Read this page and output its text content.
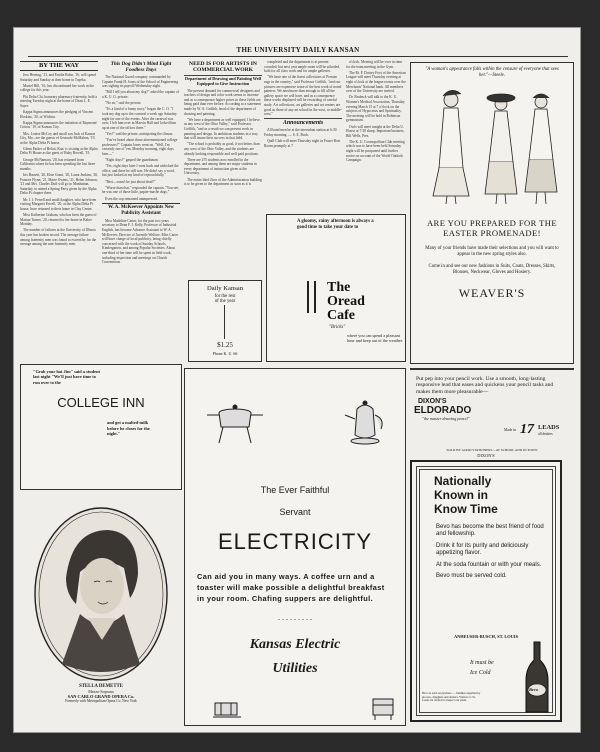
THE UNIVERSITY DAILY KANSAN
BY THE WAY

Jess Herring, '13, and Emilie Rohn, '16, will spend Saturday and Sunday at their home in Topeka.

Muriel Hill, '16, has discontinued her work in the college for this year.

Phi Delta Chi, honorary pharmacy fraternity, held a meeting Tuesday night at the home of Dean L. E. Sayre.

Kappa Sigma announces the pledging of Vincent Hoskins, '20, of Wichita.

Kappa Sigma announces the initiation of Raymond Cotton, '19, of Kansas City.

Mrs. Louise McCoy and small son Jack of Kansas City, Mo., are the guests of Gertrude McMahon, '19, at the Alpha Delta Pi house.

Glenn Parker of Beloit, Kan. is visiting at the Alpha Delta Pi House as the guest of Ruby Rowell, '19.

George McNamara, '20, has returned from California where he has been spending the last three months.

Iris Bassett, '20, Elsie Grant, '20, Laura Jenkins, '20, Frances Flynn, '21, Marie Owens, '21, Helen Johnson, '21 and Mrs. Charles Duff will go to Manhattan, Saturday, to attend a Spring Party given by the Alpha Delta Pi chapter there.

Mr. I. J. Ferrell and small daughter, who have been visiting Margaret Ferrell, '20, at the Alpha Delta Pi house, have returned to their home in Clay Center.

Miss Katherine Graham, who has been the guest of Marian Turner, '20, returned to her home in Baker Monday.

The number of failures at the University of Illinois this year has broken record. The average failure among fraternity men was found to exceed by far the average among the non-fraternity men.

This Dog Didn't Mind Eight Foodless Days

The National Guard company commanded by Captain Frank H. Jones of the School of Engineering was sighing its payroll Wednesday night.

"Bill I tell you about my dog?" asked the captain of a K. U. G. private.

"No sir," said the private.

"It's a kind of a funny story," began the C. O. "I took my dog up to the carnival a week ago Saturday night for one of the events. After the carnival was over, I left him over in Marvin Hall and locked him up in one of the offices there."

"Yes?" said the private, anticipating the climax.

"You've heard about those aforementioned college professors?" Captain Jones went on. "Well, I'm certainly one of 'em. Monday morning, eight days later—"

"Eight days?" gasped the guardsman.

"Yes, eight days later I went back and unlocked the office, and there he still was. He didn't say a word, but just looked at my kind of reproachfully."

"Best—wasn't he just about dead?"

"Worse than that," responded the captain. "You see, he was one of those little, papier-mache dogs."

Even the cop remained unimpressed.

W. A. McKeever Appoints New Publicity Assistant

Miss Madeline Carter, for the past two years secretary to Dean F. J. Kelly, Professor of Industrial English, has become Advance Assistant to W. A. McKeever, Director of Juvenile Welfare. Miss Carter will have charge of local publicity, being chiefly concerned with the work of Sunday Schools, Kindergarten, and among Popular Societies. About one-third of her time will be spent in field work, including inspection and meetings on Church Conventions.

NEED IS FOR ARTISTS IN COMMERCIAL WORK
Department of Drawing and Painting Well Equipped to Give Instruction

The present demand for commercial designers and teachers of design and color work seems to increase and as a consequence higher prices in these fields are being paid than ever before. According to a statement made by W. A. Griffith, head of the department of drawing and painting.

"We have a department as well equipped, I believe, as any west of the Ohio Valley," said Professor Griffith, "and as a result we can present work in painting and design. In ambitious students in a way that will insure their success in that field.

"The school is probably as good, if not better, than any west of the Ohio Valley, and the students are already looking responsible and well paid positions.

There are 275 students now enrolled in the department, and among them are major students in every department of instruction given at the University.

The entire third floor of the Administration building is to be given to the department as soon as it is

completed and the department is at present crowded; but next year ample room will be afforded, both for all class work and for ample galleries.

"We have one of the finest collections of Persian rugs in the country," said Professor Griffith, "and our pictures are expensive some of the best work of noted painters. We need more than enough to fill all the gallery space we will have, and as a consequence these works displayed will be rewarding of careful study. Art collections, art galleries and art centers are good as those of any art school in the west, or middle-west."

Announcements

All band men be at the interurban station at 6:30 Friday morning. — S. E. Buck.

Quill Club will meet Thursday night in Fraser Rest Room promptly at 7

o'clock. Meeting will be over in time for the team meeting in the Gym.

The Rt. F. Dotsey Foot of the American League will meet Thursday evening at eight o'clock at the league rooms over the Merchants' National bank. All members over of the University are invited.

Dr. Brubeck will talk to the K. U. Women's Medical Association, Thursday evening March 15 at 7 o'clock on the subjects of Hypocrisis and Spirituality. The meeting will be held in Robinson gymnasium.

Owls will meet tonight at the Delta U. House at 7:30 sharp. Important business. Bill Wells, Pres.

The K. U. Cosmopolitan Club meeting which was to have been held Saturday night will be postponed until further notice on account of the World Outlook Campaign.

"A woman's appearance falls within the censure of everyone that sees her."—Steele.
ARE YOU PREPARED FOR THE EASTER PROMENADE!
Many of your friends have made their selections and you will want to appear in the new spring styles also.
Come in and see our new fashions in Suits, Coats, Dresses, Skirts, Blouses, Neckwear, Gloves and Hosiery.
WEAVER'S
A gloomy, rainy afternoon is always a good time to take your date to
The
Oread
Cafe
"Bricks"
where you can spend a pleasant hour and keep out of the weather.
Daily Kansan
for the rest
of the year
$1.25
Phone K. U. 66
"Grab your hat Jim" said a student last night "We'll just have time to run over to the
COLLEGE INN
and get a malted-milk before he closes for the night."
STELLA DEMETTE
Mezzo-Soprano
SAN CARLO GRAND OPERA Co.
Formerly with Metropolitan Opera Co. New York
The Ever Faithful
Servant
ELECTRICITY
Can aid you in many ways. A coffee urn and a toaster will make possible a delightful breakfast in your room. Chafing suppers are delightful.
. . . . . . . . .
Kansas Electric
Utilities
Put pep into your pencil work. Use a smooth, long-lasting responsive lead that eases and quickens your pencil tasks and makes them more pleasurable—
DIXON'S
ELDORADO
"the master drawing pencil"
Made in 17 LEADS
all dealers
SOLD BY GOOD STATIONERS—AT SCHOOL AND IN TOWN
DIXON'S
Nationally
Known in
Know Time
Bevo has become the best friend of food and fellowship.
Drink it for its purity and deliciously appetizing flavor.
At the soda fountain or with your meals.
Bevo must be served cold.
ANHEUSER-BUSCH, ST. LOUIS
It must be
Ice Cold
Bevo
Bevo is sold everywhere — families supplied by grocers, druggists and dealers. Visitors to St. Louis are invited to inspect our plant.
